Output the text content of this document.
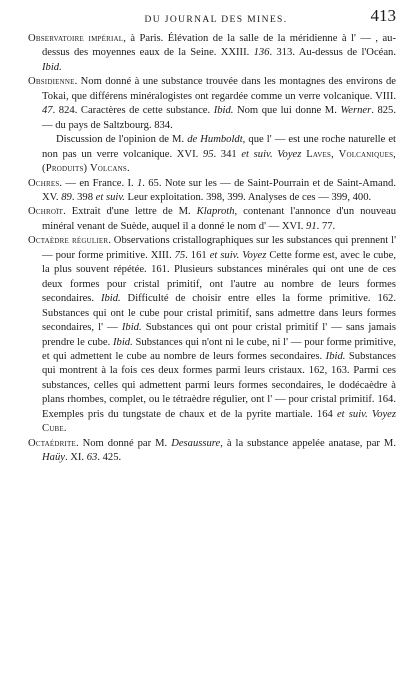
DU JOURNAL DES MINES.	413

Observatoire impérial, à Paris. Élévation de la salle de la méridienne à l' — , au-dessus des moyennes eaux de la Seine. XXIII. 136. 313. Au-dessus de l'Océan. Ibid.

Obsidienne. Nom donné à une substance trouvée dans les montagnes des environs de Tokai, que différens minéralogistes ont regardée comme un verre volcanique. VIII. 47. 824. Caractères de cette substance. Ibid. Nom que lui donne M. Werner. 825. — du pays de Saltzbourg. 834.

Discussion de l'opinion de M. de Humboldt, que l' — est une roche naturelle et non pas un verre volcanique. XVI. 95. 341 et suiv. Voyez Laves, Volcaniques, (Produits) Volcans.

Ochres. — en France. I. 1. 65. Note sur les — de Saint-Pourrain et de Saint-Amand. XV. 89. 398 et suiv. Leur exploitation. 398, 399. Analyses de ces — 399, 400.

Ochroït. Extrait d'une lettre de M. Klaproth, contenant l'annonce d'un nouveau minéral venant de Suède, auquel il a donné le nom d' — XVI. 91. 77.

Octaèdre régulier. Observations cristallographiques sur les substances qui prennent l' — pour forme primitive. XIII. 75. 161 et suiv. Voyez Cette forme est, avec le cube, la plus souvent répétée. 161. Plusieurs substances minérales qui ont une de ces deux formes pour cristal primitif, ont l'autre au nombre de leurs formes secondaires. Ibid. Difficulté de choisir entre elles la forme primitive. 162. Substances qui ont le cube pour cristal primitif, sans admettre dans leurs formes secondaires, l' — Ibid. Substances qui ont pour cristal primitif l' — sans jamais prendre le cube. Ibid. Substances qui n'ont ni le cube, ni l' — pour forme primitive, et qui admettent le cube au nombre de leurs formes secondaires. Ibid. Substances qui montrent à la fois ces deux formes parmi leurs cristaux. 162, 163. Parmi ces substances, celles qui admettent parmi leurs formes secondaires, le dodécaèdre à plans rhombes, complet, ou le tétraèdre régulier, ont l' — pour cristal primitif. 164. Exemples pris du tungstate de chaux et de la pyrite martiale. 164 et suiv. Voyez Cube.

Octaédrite. Nom donné par M. Desaussure, à la substance appelée anatase, par M. Haüy. XI. 63. 425.
